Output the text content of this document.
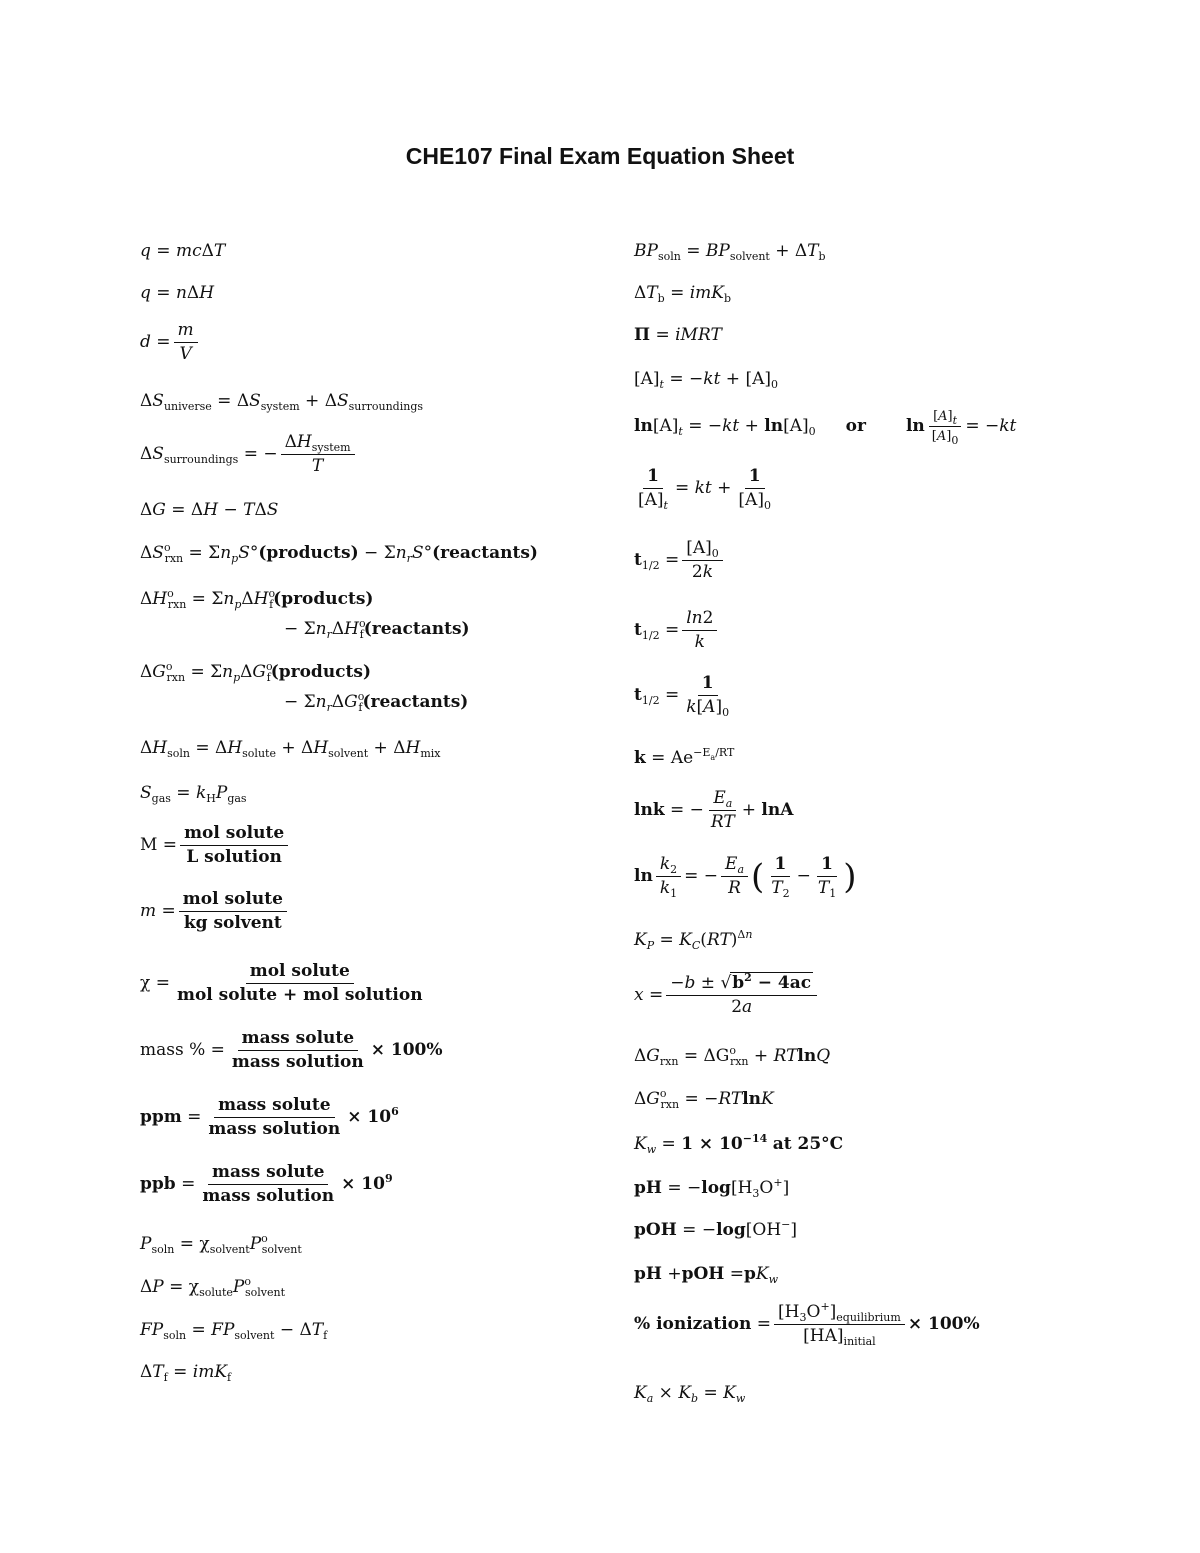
CHE107 Final Exam Equation Sheet
q = mcΔT
q = nΔH
$d = \frac{m}{V}$
$\Delta S_{universe} = \Delta S_{system} + \Delta S_{surroundings}$
$\Delta S_{surroundings}$ = − $\frac{\Delta H_{system}}{T}$
ΔG = ΔH − TΔS
$\Delta S^o_{rxn}$ = $\Sigma n_pS^\circ(products)$ − $\Sigma n_rS^\circ(reactants)$
$\Delta H^o_{rxn}$ = $\Sigma n_p\Delta H^o_f(products)$
− $\Sigma n_r\Delta H^o_f(reactants)$
$\Delta G^o_{rxn}$ = $\Sigma n_p\Delta G^o_f(products)$
− $\Sigma n_r\Delta G^o_f(reactants)$
$\Delta H_{soln} = \Delta H_{solute} + \Delta H_{solvent} + \Delta H_{mix}$
$S_{gas} = k_HP_{gas}$
$M = \frac{\text{mol solute}}{\text{L solution}}$
$m = \frac{\text{mol solute}}{\text{kg solvent}}$
$\chi = \frac{\text{mol solute}}{\text{mol solute + mol solution}}$
mass % = $\frac{\text{mass solute}}{\text{mass solution}} \times 100\%$
ppm = $\frac{\text{mass solute}}{\text{mass solution}} \times 10^6$
ppb = $\frac{\text{mass solute}}{\text{mass solution}} \times 10^9$
$P_{soln} = \chi_{solvent}P^o_{solvent}$
$\Delta P = \chi_{solute}P^o_{solvent}$
$FP_{soln} = FP_{solvent} - \Delta T_f$
$\Delta T_f = imK_f$
$BP_{soln} = BP_{solvent} + \Delta T_b$
$\Delta T_b = imK_b$
Π = iMRT
$[A]_t = -kt + [A]_0$
$\ln[A]_t = -kt + \ln[A]_0$ or $\ln \frac{[A]_t}{[A]_0} = -kt$
$\frac{1}{[A]_t}$ = kt + $\frac{1}{[A]_0}$
$t_{1/2} = \frac{[A]_0}{2k}$
$t_{1/2} = \frac{\ln 2}{k}$
$t_{1/2} = \frac{1}{k[A]_0}$
$k = Ae^{-E_a/RT}$
lnk = − $\frac{E_a}{RT} + \ln A$
$\ln \frac{k_2}{k_1}$ = − $\frac{E_a}{R}$ ( $\frac{1}{T_2} - \frac{1}{T_1}$ )
$K_P = K_C(RT)^{\Delta n}$
$x = \frac{-b \pm √b^2 - 4ac}{2a}$
$\Delta G_{rxn} = \Delta G^o_{rxn} + RTlnQ$
$\Delta G^o_{rxn} = -RTlnK$
$K_w = 1 \times 10^{-14}$ at 25°C
pH = $-\log[H_3O^+]$
pOH = −log[OH−]
pH $+pOH =pK_w$
% ionization = $\frac{[H_3O^+]_{equilibrium}}{[HA]_{initial}} \times 100\%$
$K_a \times K_b = K_w$
